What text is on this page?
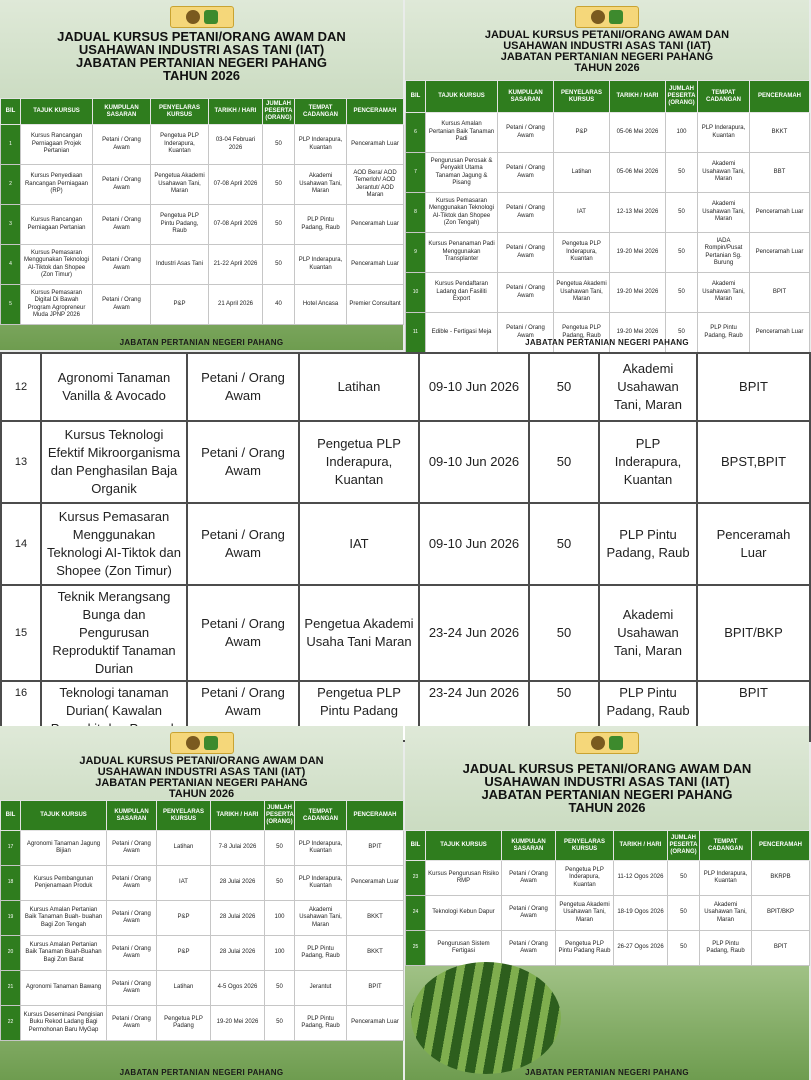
JADUAL KURSUS PETANI/ORANG AWAM DAN
USAHAWAN INDUSTRI ASAS TANI (IAT)
JABATAN PERTANIAN NEGERI PAHANG
TAHUN 2026
BIL	TAJUK KURSUS	KUMPULAN SASARAN	PENYELARAS KURSUS	TARIKH / HARI	JUMLAH PESERTA (ORANG)	TEMPAT CADANGAN	PENCERAMAH
1	Kursus Rancangan Perniagaan Projek Pertanian	Petani / Orang Awam	Pengetua PLP Inderapura, Kuantan	03-04 Februari 2026	50	PLP Inderapura, Kuantan	Penceramah Luar
2	Kursus Penyediaan Rancangan Perniagaan (RP)	Petani / Orang Awam	Pengetua Akademi Usahawan Tani, Maran	07-08 April 2026	50	Akademi Usahawan Tani, Maran	AOD Bera/ AOD Temerloh/ AOD Jerantut/ AOD Maran
3	Kursus Rancangan Perniagaan Pertanian	Petani / Orang Awam	Pengetua PLP Pintu Padang, Raub	07-08 April 2026	50	PLP Pintu Padang, Raub	Penceramah Luar
4	Kursus Pemasaran Menggunakan Teknologi AI-Tiktok dan Shopee (Zon Timur)	Petani / Orang Awam	Industri Asas Tani	21-22 April 2026	50	PLP Inderapura, Kuantan	Penceramah Luar
5	Kursus Pemasaran Digital Di Bawah Program Agropreneur Muda JPNP 2026	Petani / Orang Awam	P&P	21 April 2026	40	Hotel Ancasa	Premier Consultant
JABATAN PERTANIAN NEGERI PAHANG
JADUAL KURSUS PETANI/ORANG AWAM DAN
USAHAWAN INDUSTRI ASAS TANI (IAT)
JABATAN PERTANIAN NEGERI PAHANG
TAHUN 2026
BIL	TAJUK KURSUS	KUMPULAN SASARAN	PENYELARAS KURSUS	TARIKH / HARI	JUMLAH PESERTA (ORANG)	TEMPAT CADANGAN	PENCERAMAH
6	Kursus Amalan Pertanian Baik Tanaman Padi	Petani / Orang Awam	P&P	05-06 Mei 2026	100	PLP Inderapura, Kuantan	BKKT
7	Pengurusan Perosak & Penyakit Utama Tanaman Jagung & Pisang	Petani / Orang Awam	Latihan	05-06 Mei 2026	50	Akademi Usahawan Tani, Maran	BBT
8	Kursus Pemasaran Menggunakan Teknologi AI-Tiktok dan Shopee (Zon Tengah)	Petani / Orang Awam	IAT	12-13 Mei 2026	50	Akademi Usahawan Tani, Maran	Penceramah Luar
9	Kursus Penanaman Padi Menggunakan Transplanter	Petani / Orang Awam	Pengetua PLP Inderapura, Kuantan	19-20 Mei 2026	50	IADA Rompin/Pusat Pertanian Sg. Burung	Penceramah Luar
10	Kursus Pendaftaran Ladang dan Fasiliti Export	Petani / Orang Awam	Pengetua Akademi Usahawan Tani, Maran	19-20 Mei 2026	50	Akademi Usahawan Tani, Maran	BPIT
11	Edible - Fertigasi Meja	Petani / Orang Awam	Pengetua PLP Padang, Raub	19-20 Mei 2026	50	PLP Pintu Padang, Raub	Penceramah Luar
JABATAN PERTANIAN NEGERI PAHANG
12	Agronomi Tanaman Vanilla & Avocado	Petani / Orang Awam	Latihan	09-10 Jun 2026	50	Akademi Usahawan Tani, Maran	BPIT
13	Kursus Teknologi Efektif Mikroorganisma dan Penghasilan Baja Organik	Petani / Orang Awam	Pengetua PLP Inderapura, Kuantan	09-10 Jun 2026	50	PLP Inderapura, Kuantan	BPST,BPIT
14	Kursus Pemasaran Menggunakan Teknologi AI-Tiktok dan Shopee (Zon Timur)	Petani / Orang Awam	IAT	09-10 Jun 2026	50	PLP Pintu Padang, Raub	Penceramah Luar
15	Teknik Merangsang Bunga dan Pengurusan Reproduktif Tanaman Durian	Petani / Orang Awam	Pengetua Akademi Usaha Tani Maran	23-24 Jun 2026	50	Akademi Usahawan Tani, Maran	BPIT/BKP
16	Teknologi tanaman Durian( Kawalan	Petani / Orang Awam	Pengetua PLP Pintu Padang	23-24 Jun 2026	50	PLP Pintu Padang, Raub	BPIT
JADUAL KURSUS PETANI/ORANG AWAM DAN
USAHAWAN INDUSTRI ASAS TANI (IAT)
JABATAN PERTANIAN NEGERI PAHANG
TAHUN 2026
BIL	TAJUK KURSUS	KUMPULAN SASARAN	PENYELARAS KURSUS	TARIKH / HARI	JUMLAH PESERTA (ORANG)	TEMPAT CADANGAN	PENCERAMAH
17	Agronomi Tanaman Jagung Bijian	Petani / Orang Awam	Latihan	7-8 Julai 2026	50	PLP Inderapura, Kuantan	BPIT
18	Kursus Pembangunan Penjenamaan Produk	Petani / Orang Awam	IAT	28 Julai 2026	50	PLP Inderapura, Kuantan	Penceramah Luar
19	Kursus Amalan Pertanian Baik Tanaman Buah- buahan Bagi Zon Tengah	Petani / Orang Awam	P&P	28 Julai 2026	100	Akademi Usahawan Tani, Maran	BKKT
20	Kursus Amalan Pertanian Baik Tanaman Buah-Buahan Bagi Zon Barat	Petani / Orang Awam	P&P	28 Julai 2026	100	PLP Pintu Padang, Raub	BKKT
21	Agronomi Tanaman Bawang	Petani / Orang Awam	Latihan	4-5 Ogos 2026	50	Jerantut	BPIT
22	Kursus Deseminasi Pengisian Buku Rekod Ladang Bagi Permohonan Baru MyGap	Petani / Orang Awam	Pengetua PLP Padang	19-20 Mei 2026	50	PLP Pintu Padang, Raub	Penceramah Luar
JABATAN PERTANIAN NEGERI PAHANG
JADUAL KURSUS PETANI/ORANG AWAM DAN
USAHAWAN INDUSTRI ASAS TANI (IAT)
JABATAN PERTANIAN NEGERI PAHANG
TAHUN 2026
BIL	TAJUK KURSUS	KUMPULAN SASARAN	PENYELARAS KURSUS	TARIKH / HARI	JUMLAH PESERTA (ORANG)	TEMPAT CADANGAN	PENCERAMAH
23	Kursus Pengurusan Risiko RMP	Petani / Orang Awam	Pengetua PLP Inderapura, Kuantan	11-12 Ogos 2026	50	PLP Inderapura, Kuantan	BKRPB
24	Teknologi Kebun Dapur	Petani / Orang Awam	Pengetua Akademi Usahawan Tani, Maran	18-19 Ogos 2026	50	Akademi Usahawan Tani, Maran	BPIT/BKP
25	Pengurusan Sistem Fertigasi	Petani / Orang Awam	Pengetua PLP Pintu Padang Raub	26-27 Ogos 2026	50	PLP Pintu Padang, Raub	BPIT
JABATAN PERTANIAN NEGERI PAHANG
